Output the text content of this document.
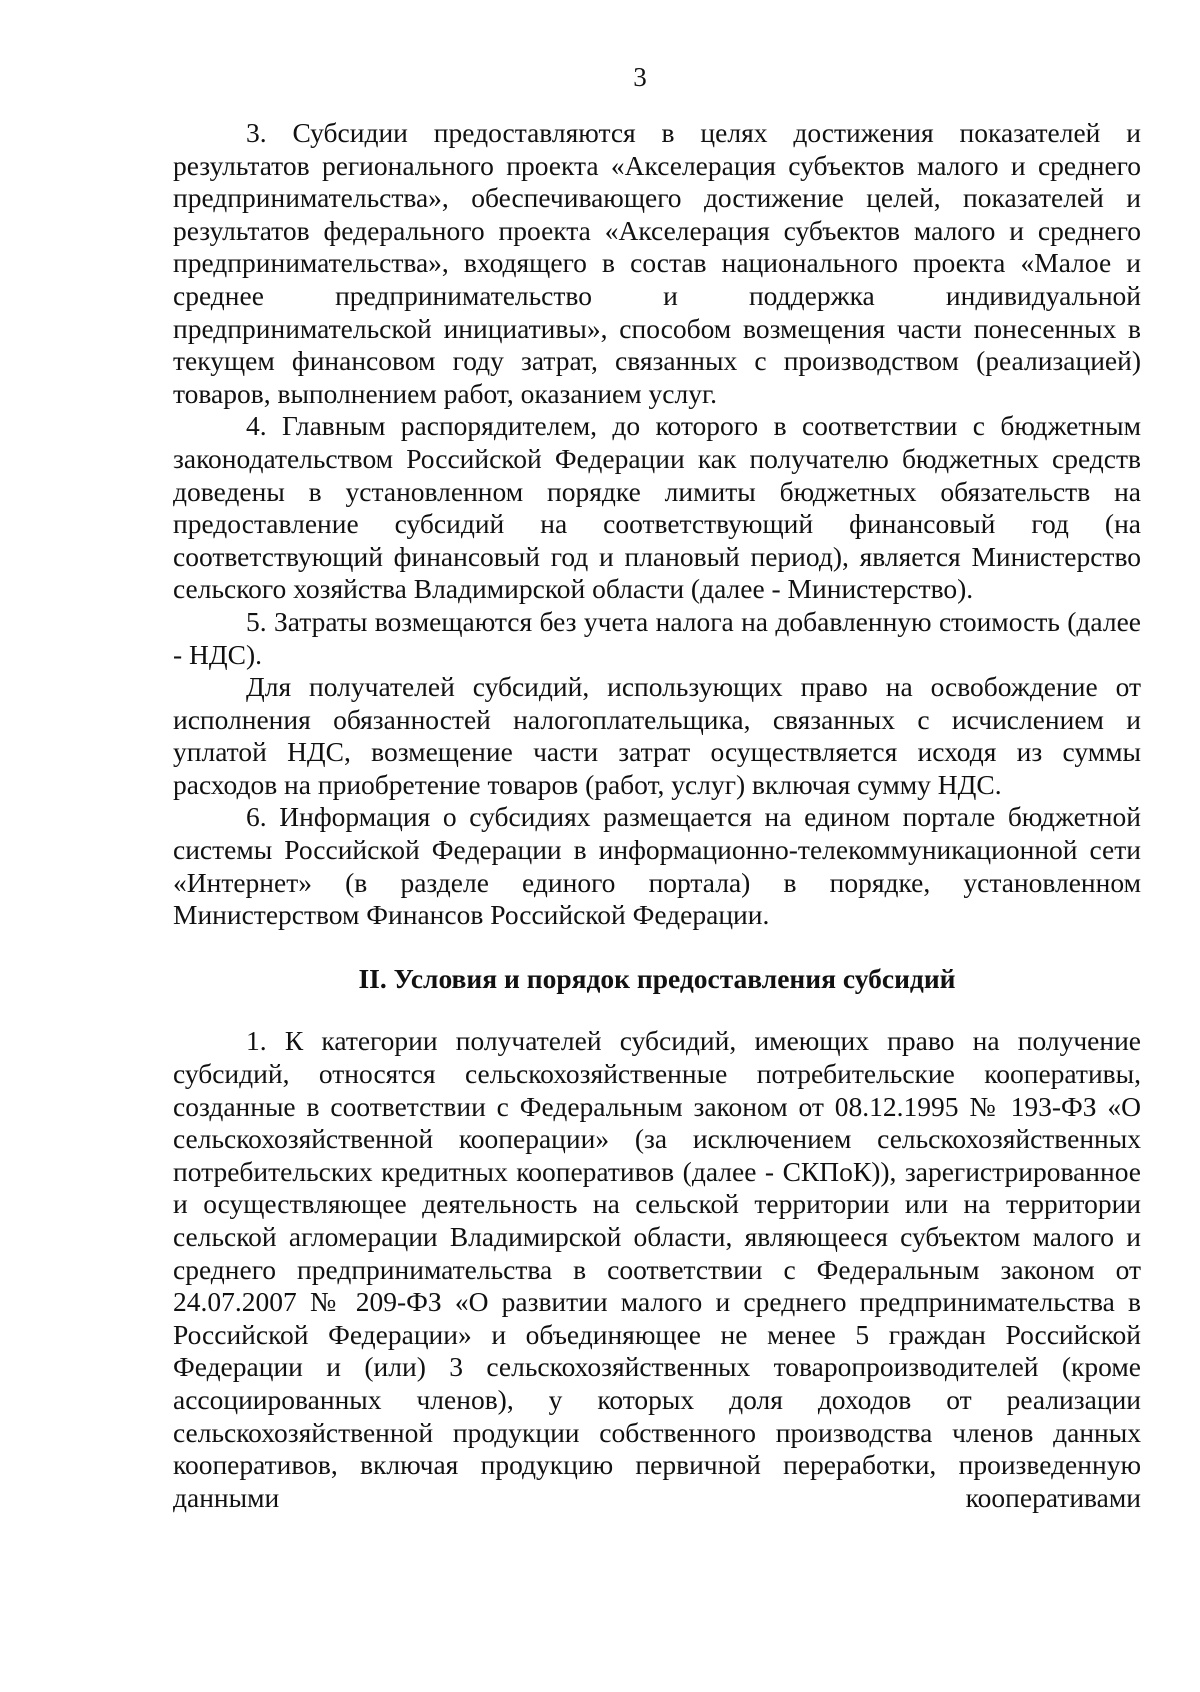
3

3. Субсидии предоставляются в целях достижения показателей и результатов регионального проекта «Акселерация субъектов малого и среднего предпринимательства», обеспечивающего достижение целей, показателей и результатов федерального проекта «Акселерация субъектов малого и среднего предпринимательства», входящего в состав национального проекта «Малое и среднее предпринимательство и поддержка индивидуальной предпринимательской инициативы», способом возмещения части понесенных в текущем финансовом году затрат, связанных с производством (реализацией) товаров, выполнением работ, оказанием услуг.

4. Главным распорядителем, до которого в соответствии с бюджетным законодательством Российской Федерации как получателю бюджетных средств доведены в установленном порядке лимиты бюджетных обязательств на предоставление субсидий на соответствующий финансовый год (на соответствующий финансовый год и плановый период), является Министерство сельского хозяйства Владимирской области (далее - Министерство).

5. Затраты возмещаются без учета налога на добавленную стоимость (далее - НДС).

Для получателей субсидий, использующих право на освобождение от исполнения обязанностей налогоплательщика, связанных с исчислением и уплатой НДС, возмещение части затрат осуществляется исходя из суммы расходов на приобретение товаров (работ, услуг) включая сумму НДС.

6. Информация о субсидиях размещается на едином портале бюджетной системы Российской Федерации в информационно-телекоммуникационной сети «Интернет» (в разделе единого портала) в порядке, установленном Министерством Финансов Российской Федерации.

II. Условия и порядок предоставления субсидий

1. К категории получателей субсидий, имеющих право на получение субсидий, относятся сельскохозяйственные потребительские кооперативы, созданные в соответствии с Федеральным законом от 08.12.1995 № 193-ФЗ «О сельскохозяйственной кооперации» (за исключением сельскохозяйственных потребительских кредитных кооперативов (далее - СКПоК)), зарегистрированное и осуществляющее деятельность на сельской территории или на территории сельской агломерации Владимирской области, являющееся субъектом малого и среднего предпринимательства в соответствии с Федеральным законом от 24.07.2007 № 209-ФЗ «О развитии малого и среднего предпринимательства в Российской Федерации» и объединяющее не менее 5 граждан Российской Федерации и (или) 3 сельскохозяйственных товаропроизводителей (кроме ассоциированных членов), у которых доля доходов от реализации сельскохозяйственной продукции собственного производства членов данных кооперативов, включая продукцию первичной переработки, произведенную данными кооперативами
